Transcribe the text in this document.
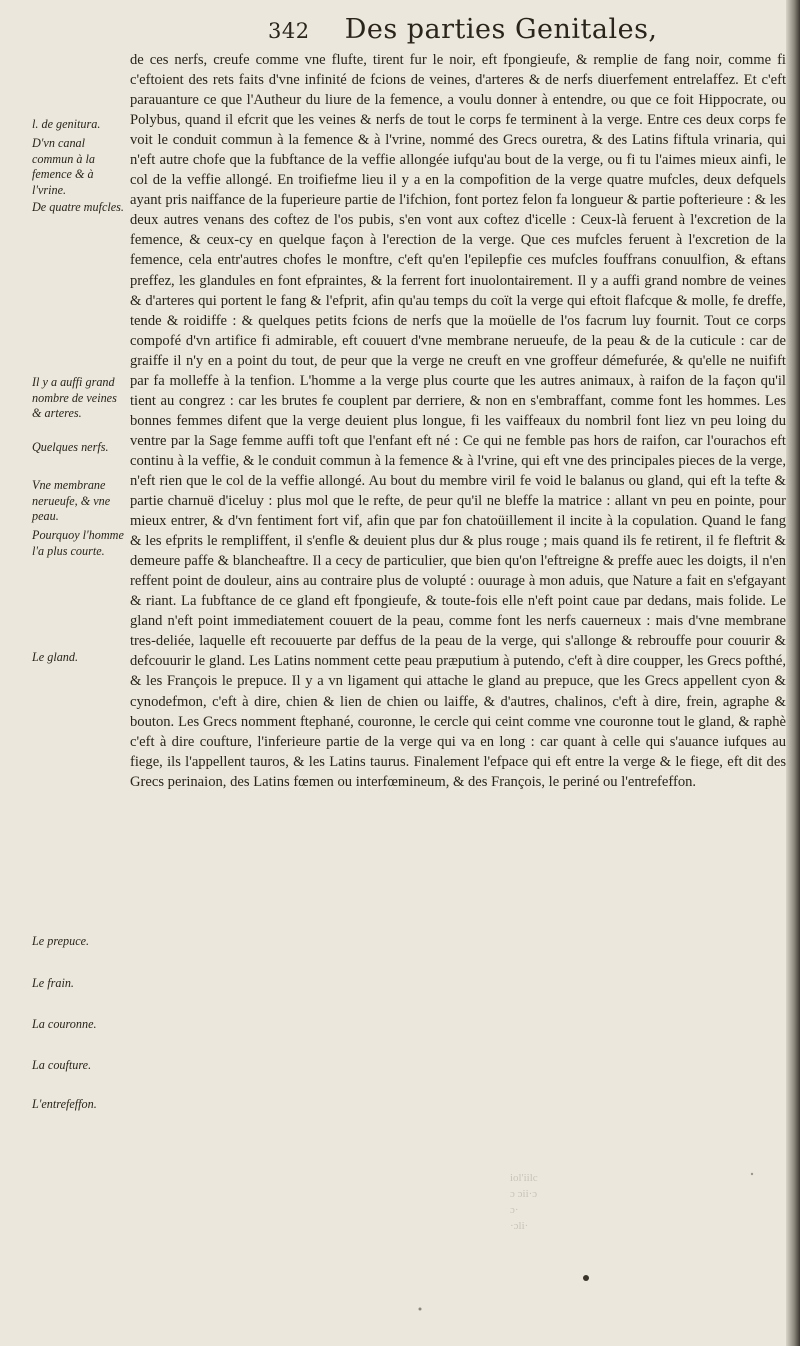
342 Des parties Genitales,
l. de genitura.
D'vn canal commun à la femence & à l'vrine.
De quatre mufcles.
Il y a auffi grand nombre de veines & arteres.
Quelques nerfs.
Vne membrane nerueufe, & vne peau.
Pourquoy l'homme l'a plus courte.
Le gland.
Le prepuce.
Le frain.
La couronne.
La coufture.
L'entrefeffon.

de ces nerfs, creufe comme vne flufte, tirent fur le noir, eft fpongieufe, & remplie de fang noir, comme fi c'eftoient des rets faits d'vne infinité de fcions de veines, d'arteres & de nerfs diuerfement entrelaffez. Et c'eft parauanture ce que l'Autheur du liure de la femence, a voulu donner à entendre, ou que ce foit Hippocrate, ou Polybus, quand il efcrit que les veines & nerfs de tout le corps fe terminent à la verge. Entre ces deux corps fe voit le conduit commun à la femence & à l'vrine, nommé des Grecs ouretra, & des Latins fiftula vrinaria, qui n'eft autre chofe que la fubftance de la veffie allongée iufqu'au bout de la verge, ou fi tu l'aimes mieux ainfi, le col de la veffie allongé. En troifiefme lieu il y a en la compofition de la verge quatre mufcles, deux defquels ayant pris naiffance de la fuperieure partie de l'ifchion, font portez felon fa longueur & partie pofterieure : & les deux autres venans des coftez de l'os pubis, s'en vont aux coftez d'icelle : Ceux-là feruent à l'excretion de la femence, & ceux-cy en quelque façon à l'erection de la verge. Que ces mufcles feruent à l'excretion de la femence, cela entr'autres chofes le monftre, c'eft qu'en l'epilepfie ces mufcles fouffrans conuulfion, & eftans preffez, les glandules en font efpraintes, & la ferrent fort inuolontairement. Il y a auffi grand nombre de veines & d'arteres qui portent le fang & l'efprit, afin qu'au temps du coït la verge qui eftoit flafcque & molle, fe dreffe, tende & roidiffe : & quelques petits fcions de nerfs que la moüelle de l'os facrum luy fournit. Tout ce corps compofé d'vn artifice fi admirable, eft couuert d'vne membrane nerueufe, de la peau & de la cuticule : car de graiffe il n'y en a point du tout, de peur que la verge ne creuft en vne groffeur démefurée, & qu'elle ne nuifift par fa molleffe à la tenfion. L'homme a la verge plus courte que les autres animaux, à raifon de la façon qu'il tient au congrez : car les brutes fe couplent par derriere, & non en s'embraffant, comme font les hommes. Les bonnes femmes difent que la verge deuient plus longue, fi les vaiffeaux du nombril font liez vn peu loing du ventre par la Sage femme auffi toft que l'enfant eft né : Ce qui ne femble pas hors de raifon, car l'ourachos eft continu à la veffie, & le conduit commun à la femence & à l'vrine, qui eft vne des principales pieces de la verge, n'eft rien que le col de la veffie allongé. Au bout du membre viril fe void le balanus ou gland, qui eft la tefte & partie charnuë d'iceluy : plus mol que le refte, de peur qu'il ne bleffe la matrice : allant vn peu en pointe, pour mieux entrer, & d'vn fentiment fort vif, afin que par fon chatoüillement il incite à la copulation. Quand le fang & les efprits le rempliffent, il s'enfle & deuient plus dur & plus rouge ; mais quand ils fe retirent, il fe fleftrit & demeure paffe & blancheaftre. Il a cecy de particulier, que bien qu'on l'eftreigne & preffe auec les doigts, il n'en reffent point de douleur, ains au contraire plus de volupté : ouurage à mon aduis, que Nature a fait en s'efgayant & riant. La fubftance de ce gland eft fpongieufe, & toute-fois elle n'eft point caue par dedans, mais folide. Le gland n'eft point immediatement couuert de la peau, comme font les nerfs cauerneux : mais d'vne membrane tres-deliée, laquelle eft recouuerte par deffus de la peau de la verge, qui s'allonge & rebrouffe pour couurir & defcouurir le gland. Les Latins nomment cette peau præputium à putendo, c'eft à dire coupper, les Grecs pofthé, & les François le prepuce. Il y a vn ligament qui attache le gland au prepuce, que les Grecs appellent cyon & cynodefmon, c'eft à dire, chien & lien de chien ou laiffe, & d'autres, chalinos, c'eft à dire, frein, agraphe & bouton. Les Grecs nomment ftephané, couronne, le cercle qui ceint comme vne couronne tout le gland, & raphè c'eft à dire coufture, l'inferieure partie de la verge qui va en long : car quant à celle qui s'auance iufques au fiege, ils l'appellent tauros, & les Latins taurus. Finalement l'efpace qui eft entre la verge & le fiege, eft dit des Grecs perinaion, des Latins fœmen ou interfœmineum, & des François, le periné ou l'entrefeffon.

iol'iilc
ɔ ɔii·ɔ
ɔ·
·ɔli·
